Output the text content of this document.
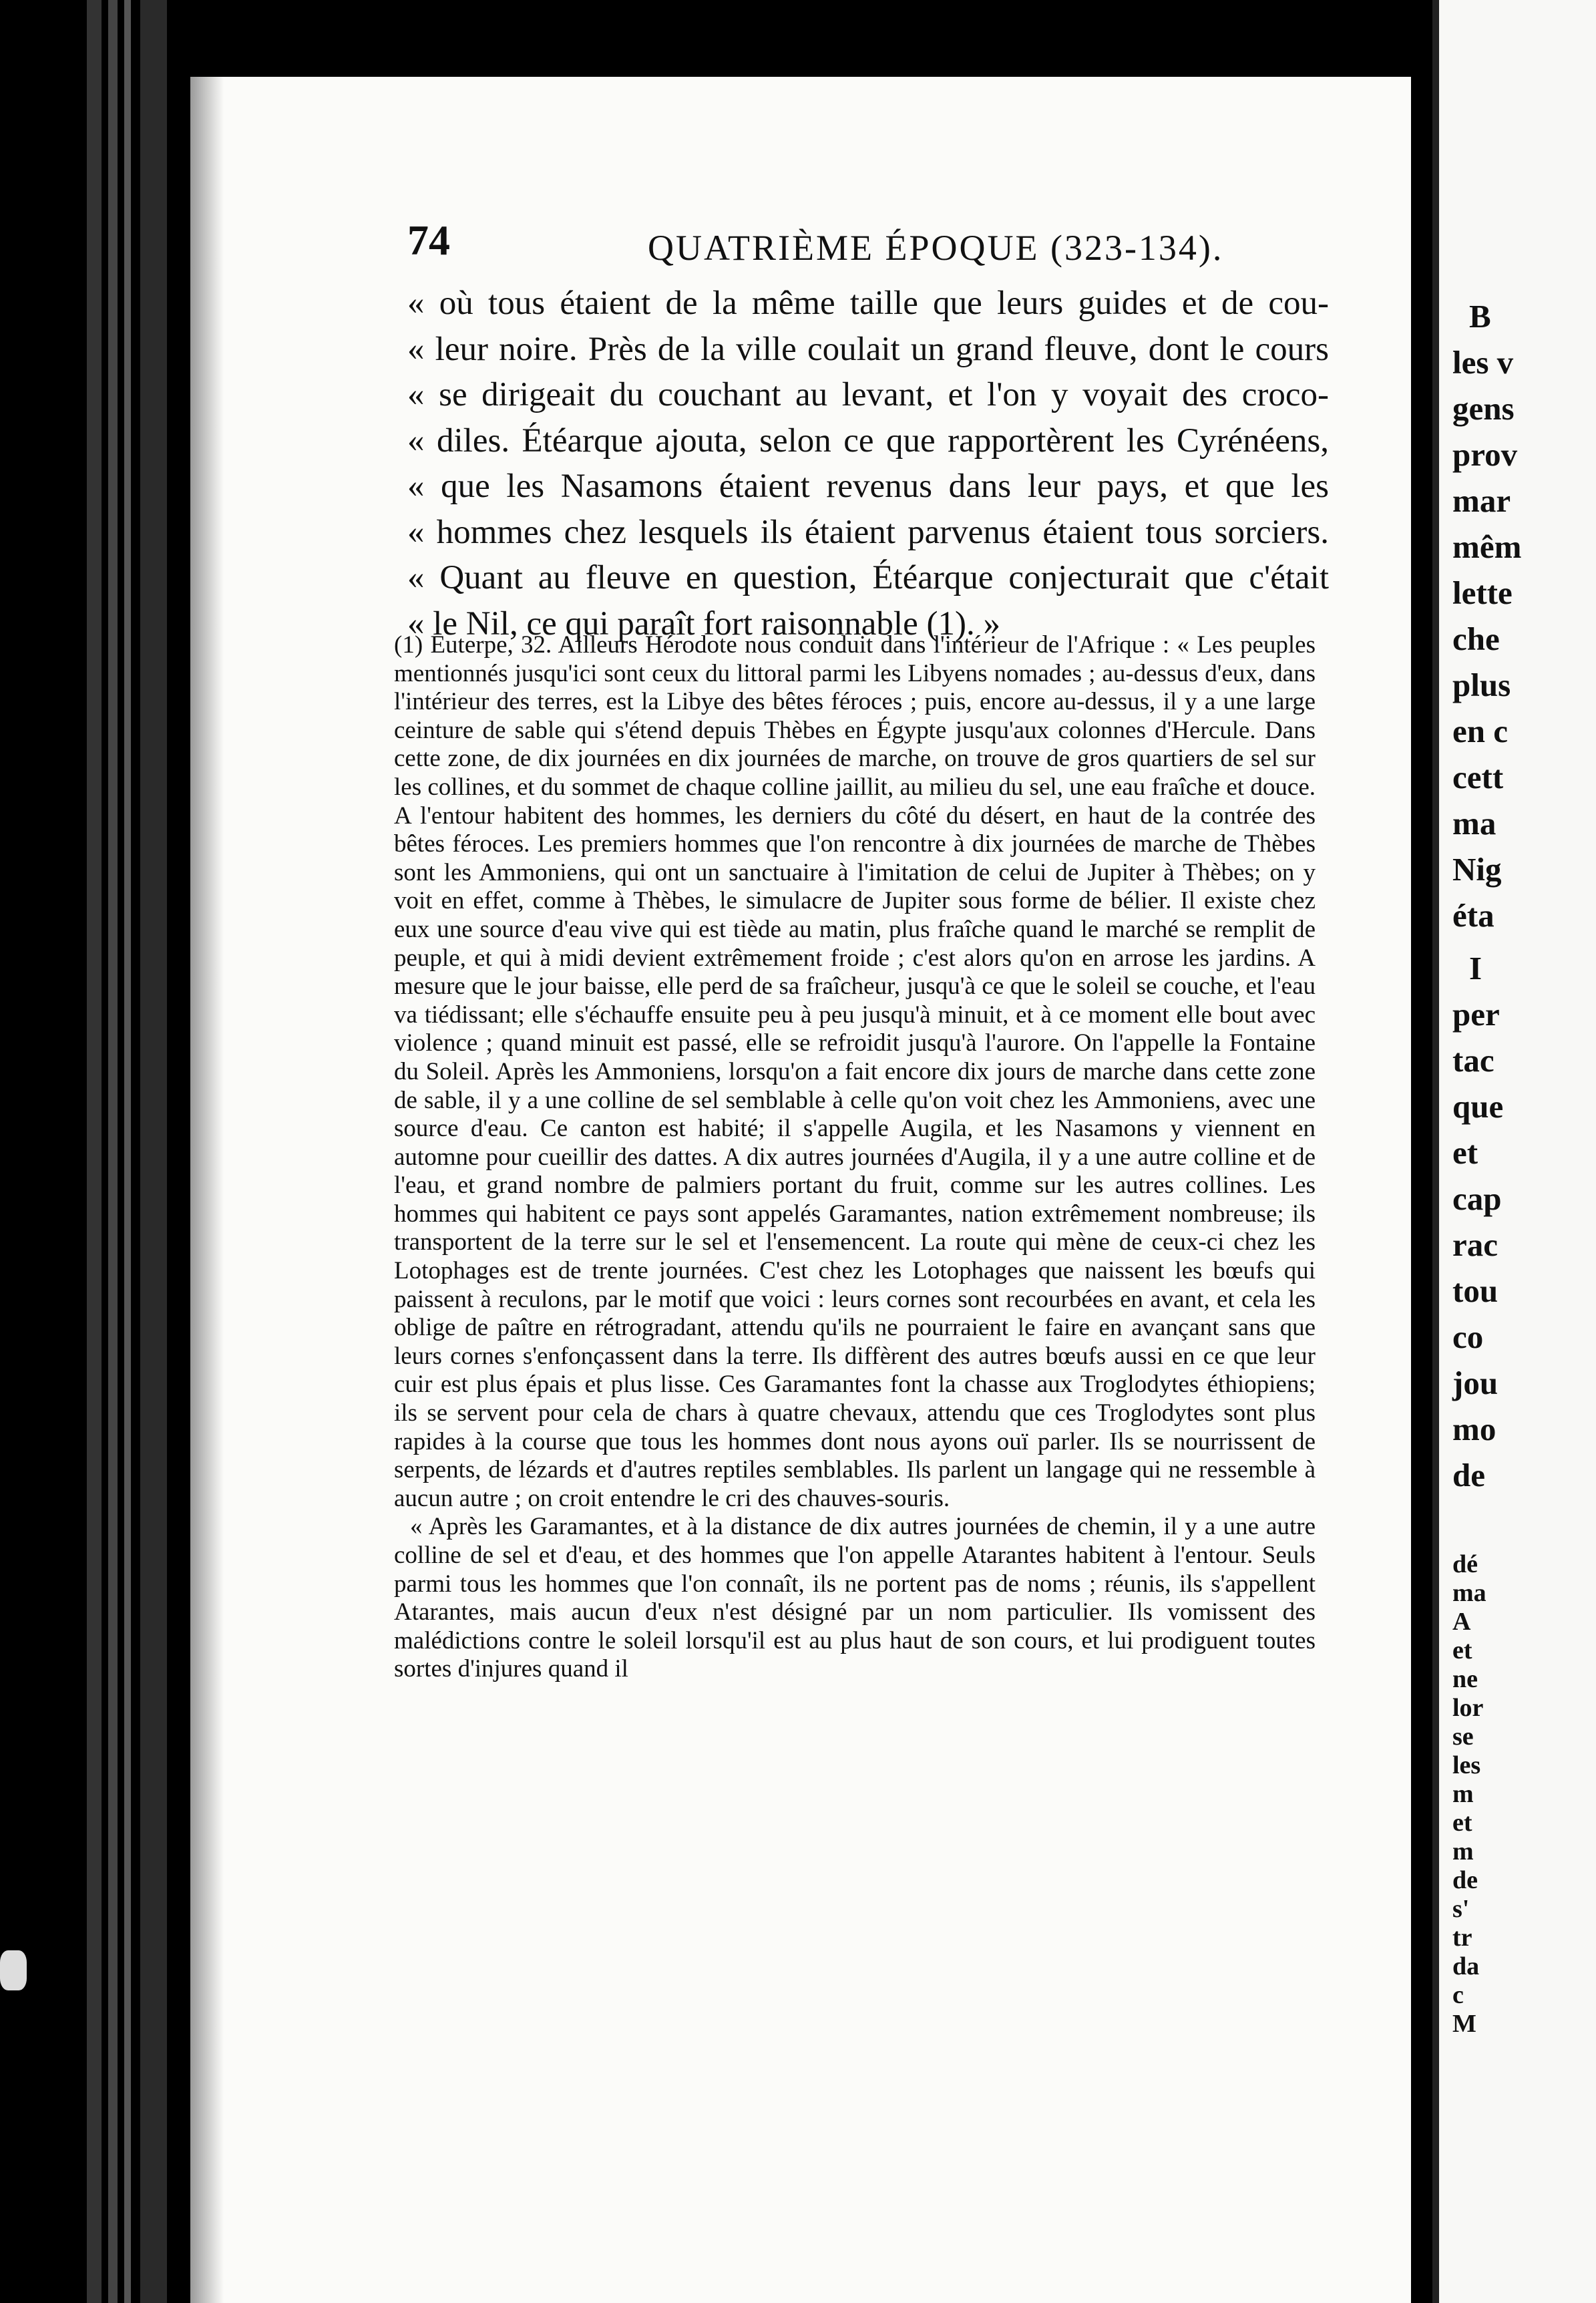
74	QUATRIÈME ÉPOQUE (323-134).
« où tous étaient de la même taille que leurs guides et de cou-
« leur noire. Près de la ville coulait un grand fleuve, dont le cours
« se dirigeait du couchant au levant, et l'on y voyait des croco-
« diles. Étéarque ajouta, selon ce que rapportèrent les Cyrénéens,
« que les Nasamons étaient revenus dans leur pays, et que les
« hommes chez lesquels ils étaient parvenus étaient tous sorciers.
« Quant au fleuve en question, Étéarque conjecturait que c'était
« le Nil, ce qui paraît fort raisonnable (1). »

(1) Euterpe, 32. Ailleurs Hérodote nous conduit dans l'intérieur de l'Afrique : « Les peuples mentionnés jusqu'ici sont ceux du littoral parmi les Libyens nomades ; au-dessus d'eux, dans l'intérieur des terres, est la Libye des bêtes féroces ; puis, encore au-dessus, il y a une large ceinture de sable qui s'étend depuis Thèbes en Égypte jusqu'aux colonnes d'Hercule. Dans cette zone, de dix journées en dix journées de marche, on trouve de gros quartiers de sel sur les collines, et du sommet de chaque colline jaillit, au milieu du sel, une eau fraîche et douce. A l'entour habitent des hommes, les derniers du côté du désert, en haut de la contrée des bêtes féroces. Les premiers hommes que l'on rencontre à dix journées de marche de Thèbes sont les Ammoniens, qui ont un sanctuaire à l'imitation de celui de Jupiter à Thèbes; on y voit en effet, comme à Thèbes, le simulacre de Jupiter sous forme de bélier. Il existe chez eux une source d'eau vive qui est tiède au matin, plus fraîche quand le marché se remplit de peuple, et qui à midi devient extrêmement froide ; c'est alors qu'on en arrose les jardins. A mesure que le jour baisse, elle perd de sa fraîcheur, jusqu'à ce que le soleil se couche, et l'eau va tiédissant; elle s'échauffe ensuite peu à peu jusqu'à minuit, et à ce moment elle bout avec violence ; quand minuit est passé, elle se refroidit jusqu'à l'aurore. On l'appelle la Fontaine du Soleil. Après les Ammoniens, lorsqu'on a fait encore dix jours de marche dans cette zone de sable, il y a une colline de sel semblable à celle qu'on voit chez les Ammoniens, avec une source d'eau. Ce canton est habité; il s'appelle Augila, et les Nasamons y viennent en automne pour cueillir des dattes. A dix autres journées d'Augila, il y a une autre colline et de l'eau, et grand nombre de palmiers portant du fruit, comme sur les autres collines. Les hommes qui habitent ce pays sont appelés Garamantes, nation extrêmement nombreuse; ils transportent de la terre sur le sel et l'ensemencent. La route qui mène de ceux-ci chez les Lotophages est de trente journées. C'est chez les Lotophages que naissent les bœufs qui paissent à reculons, par le motif que voici : leurs cornes sont recourbées en avant, et cela les oblige de paître en rétrogradant, attendu qu'ils ne pourraient le faire en avançant sans que leurs cornes s'enfonçassent dans la terre. Ils diffèrent des autres bœufs aussi en ce que leur cuir est plus épais et plus lisse. Ces Garamantes font la chasse aux Troglodytes éthiopiens; ils se servent pour cela de chars à quatre chevaux, attendu que ces Troglodytes sont plus rapides à la course que tous les hommes dont nous ayons ouï parler. Ils se nourrissent de serpents, de lézards et d'autres reptiles semblables. Ils parlent un langage qui ne ressemble à aucun autre ; on croit entendre le cri des chauves-souris.

« Après les Garamantes, et à la distance de dix autres journées de chemin, il y a une autre colline de sel et d'eau, et des hommes que l'on appelle Atarantes habitent à l'entour. Seuls parmi tous les hommes que l'on connaît, ils ne portent pas de noms ; réunis, ils s'appellent Atarantes, mais aucun d'eux n'est désigné par un nom particulier. Ils vomissent des malédictions contre le soleil lorsqu'il est au plus haut de son cours, et lui prodiguent toutes sortes d'injures quand il

B
les v
gens
prov
mar
mêm
lette
che
plus
en c
cett
ma
Nig
éta
I
per
tac
que
et
cap
rac
tou
co
jou
mo
de
dé
ma
A
et
ne
lor
se
les
m
et
m
de
s'
tr
da
c
M
